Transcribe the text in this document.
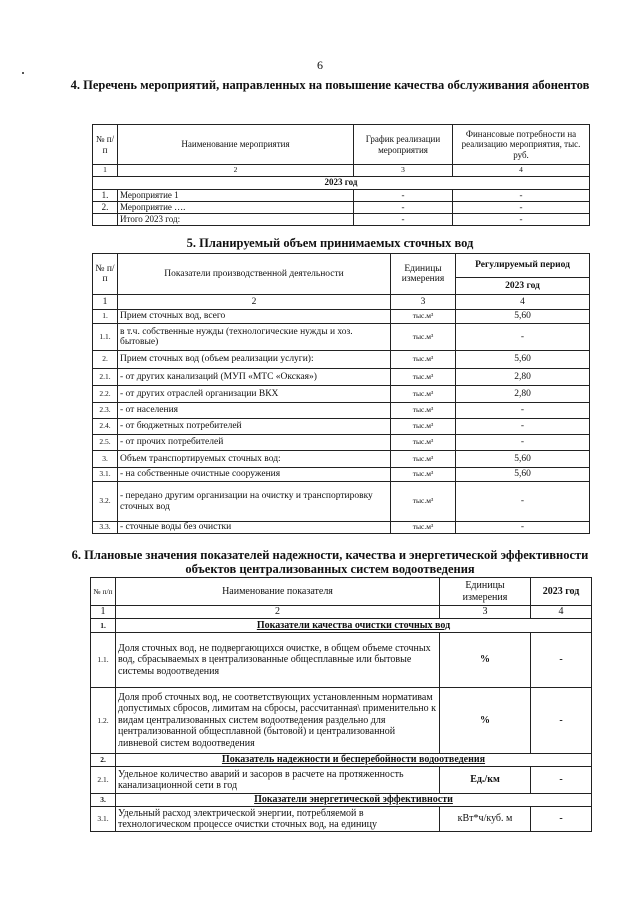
6
4. Перечень мероприятий, направленных на повышение качества обслуживания абонентов
№ п/п	Наименование мероприятия	График реализации мероприятия	Финансовые потребности на реализацию мероприятия, тыс. руб.
1	2	3	4
2023 год			
1.	Мероприятие 1	-	-
2.	Мероприятие ….	-	-
	Итого 2023 год:	-	-
5. Планируемый объем принимаемых сточных вод
№ п/п	Показатели производственной деятельности	Единицы измерения	Регулируемый период
			2023 год
1	2	3	4
1.	Прием сточных вод, всего	тыс.м³	5,60
1.1.	в т.ч. собственные нужды (технологические нужды и хоз. бытовые)	тыс.м³	-
2.	Прием сточных вод (объем реализации услуги):	тыс.м³	5,60
2.1.	- от других канализаций (МУП «МТС «Окская»)	тыс.м³	2,80
2.2.	- от других отраслей организации ВКХ	тыс.м³	2,80
2.3.	- от населения	тыс.м³	-
2.4.	- от бюджетных потребителей	тыс.м³	-
2.5.	- от прочих потребителей	тыс.м³	-
3.	Объем транспортируемых сточных вод:	тыс.м³	5,60
3.1.	- на собственные очистные сооружения	тыс.м³	5,60
3.2.	- передано другим организации на очистку и транспортировку сточных вод	тыс.м³	-
3.3.	- сточные воды без очистки	тыс.м³	-
6. Плановые значения показателей надежности, качества и энергетической эффективности объектов централизованных систем водоотведения
№ п/п	Наименование показателя	Единицы измерения	2023 год
1	2	3	4
1.	Показатели качества очистки сточных вод		
1.1.	Доля сточных вод, не подвергающихся очистке, в общем объеме сточных вод, сбрасываемых в централизованные общесплавные или бытовые системы водоотведения	%	-
1.2.	Доля проб сточных вод, не соответствующих установленным нормативам допустимых сбросов, лимитам на сбросы, рассчитанная\ применительно к видам централизованных систем водоотведения раздельно для централизованной общесплавной (бытовой) и централизованной ливневой систем водоотведения	%	-
2.	Показатель надежности и бесперебойности водоотведения		
2.1.	Удельное количество аварий и засоров в расчете на протяженность канализационной сети в год	Ед./км	-
3.	Показатели энергетической эффективности		
3.1.	Удельный расход электрической энергии, потребляемой в технологическом процессе очистки сточных вод, на единицу	кВт*ч/куб. м	-
